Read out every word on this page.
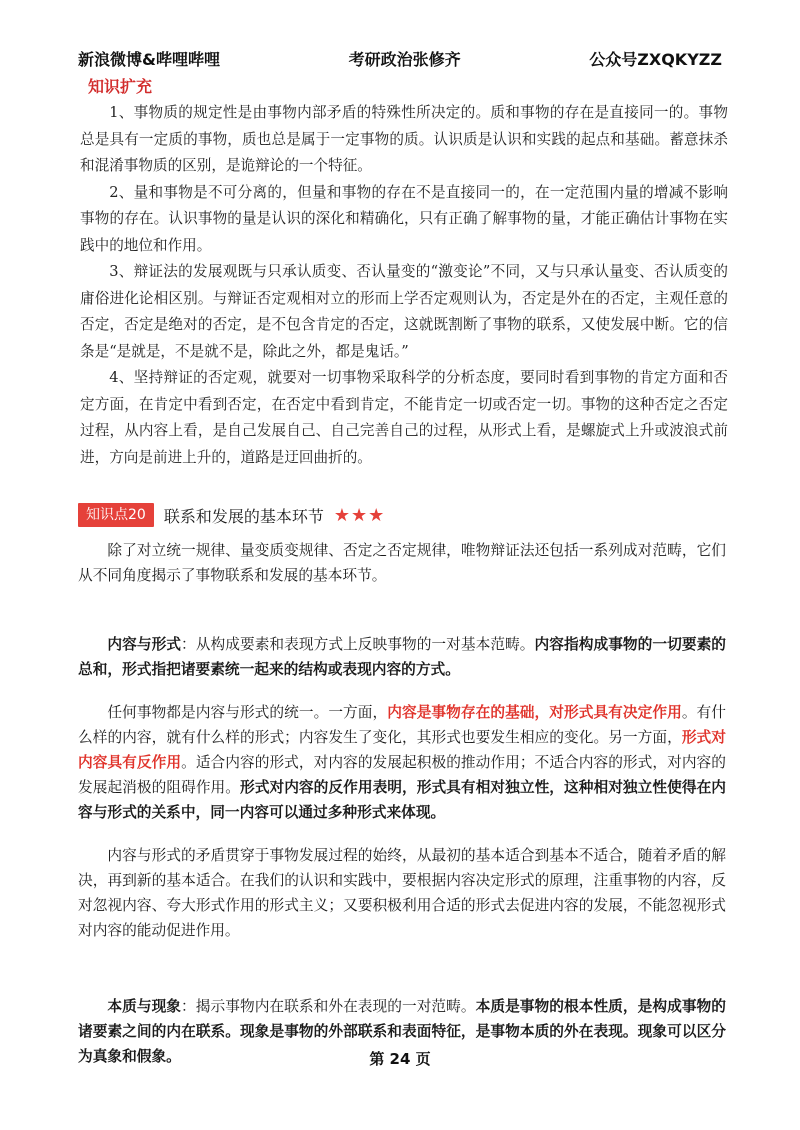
新浪微博&哔哩哔哩	考研政治张修齐	公众号ZXQKYZZ
知识扩充

1、事物质的规定性是由事物内部矛盾的特殊性所决定的。质和事物的存在是直接同一的。事物总是具有一定质的事物，质也总是属于一定事物的质。认识质是认识和实践的起点和基础。蓄意抹杀和混淆事物质的区别，是诡辩论的一个特征。

2、量和事物是不可分离的，但量和事物的存在不是直接同一的，在一定范围内量的增减不影响事物的存在。认识事物的量是认识的深化和精确化，只有正确了解事物的量，才能正确估计事物在实践中的地位和作用。

3、辩证法的发展观既与只承认质变、否认量变的“激变论”不同，又与只承认量变、否认质变的庸俗进化论相区别。与辩证否定观相对立的形而上学否定观则认为，否定是外在的否定，主观任意的否定，否定是绝对的否定，是不包含肯定的否定，这就既割断了事物的联系，又使发展中断。它的信条是“是就是，不是就不是，除此之外，都是鬼话。”

4、坚持辩证的否定观，就要对一切事物采取科学的分析态度，要同时看到事物的肯定方面和否定方面，在肯定中看到否定，在否定中看到肯定，不能肯定一切或否定一切。事物的这种否定之否定过程，从内容上看，是自己发展自己、自己完善自己的过程，从形式上看，是螺旋式上升或波浪式前进，方向是前进上升的，道路是迂回曲折的。

知识点20	联系和发展的基本环节 ★★★

除了对立统一规律、量变质变规律、否定之否定规律，唯物辩证法还包括一系列成对范畴，它们从不同角度揭示了事物联系和发展的基本环节。

内容与形式：从构成要素和表现方式上反映事物的一对基本范畴。内容指构成事物的一切要素的总和，形式指把诸要素统一起来的结构或表现内容的方式。

任何事物都是内容与形式的统一。一方面，内容是事物存在的基础，对形式具有决定作用。有什么样的内容，就有什么样的形式；内容发生了变化，其形式也要发生相应的变化。另一方面，形式对内容具有反作用。适合内容的形式，对内容的发展起积极的推动作用；不适合内容的形式，对内容的发展起消极的阻碍作用。形式对内容的反作用表明，形式具有相对独立性，这种相对独立性使得在内容与形式的关系中，同一内容可以通过多种形式来体现。

内容与形式的矛盾贯穿于事物发展过程的始终，从最初的基本适合到基本不适合，随着矛盾的解决，再到新的基本适合。在我们的认识和实践中，要根据内容决定形式的原理，注重事物的内容，反对忽视内容、夸大形式作用的形式主义；又要积极利用合适的形式去促进内容的发展，不能忽视形式对内容的能动促进作用。

本质与现象：揭示事物内在联系和外在表现的一对范畴。本质是事物的根本性质，是构成事物的诸要素之间的内在联系。现象是事物的外部联系和表面特征，是事物本质的外在表现。现象可以区分为真象和假象。	第 24 页
